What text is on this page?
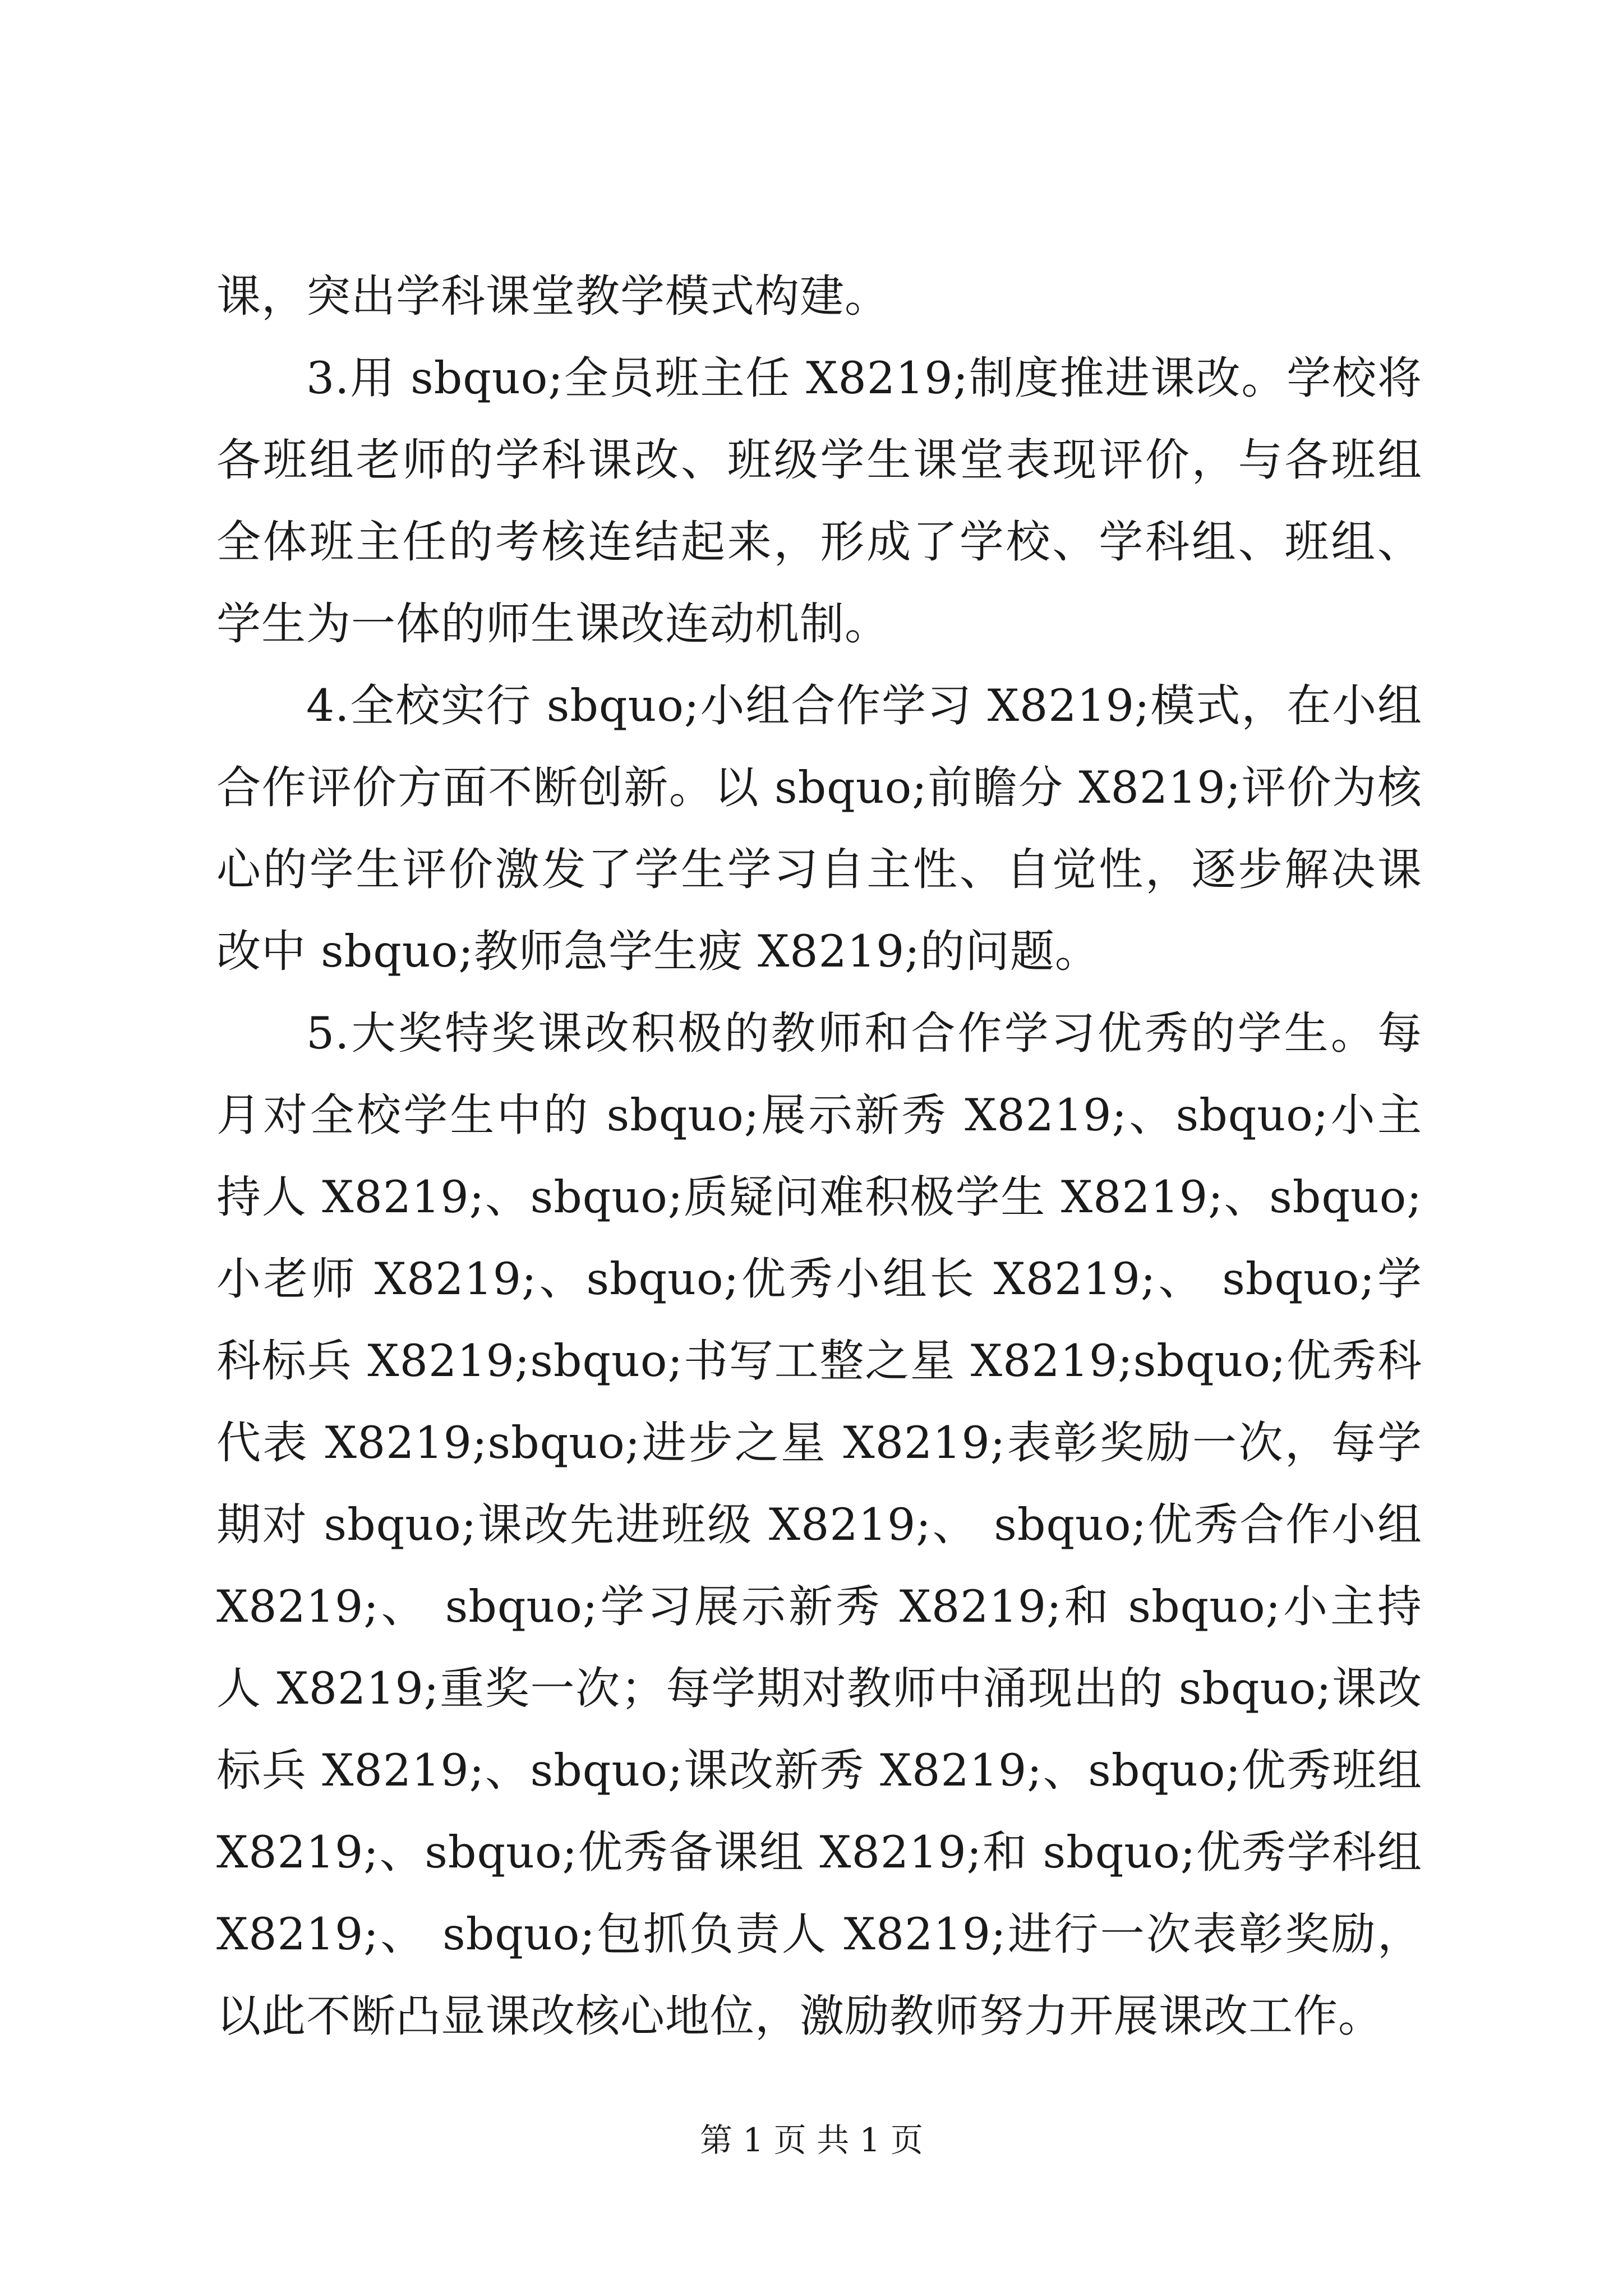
课，突出学科课堂教学模式构建。

3.用 sbquo;全员班主任 X8219;制度推进课改。学校将各班组老师的学科课改、班级学生课堂表现评价，与各班组全体班主任的考核连结起来，形成了学校、学科组、班组、学生为一体的师生课改连动机制。

4.全校实行 sbquo;小组合作学习 X8219;模式，在小组合作评价方面不断创新。以 sbquo;前瞻分 X8219;评价为核心的学生评价激发了学生学习自主性、自觉性，逐步解决课改中 sbquo;教师急学生疲 X8219;的问题。

5.大奖特奖课改积极的教师和合作学习优秀的学生。每月对全校学生中的 sbquo;展示新秀 X8219;、sbquo;小主持人 X8219;、sbquo;质疑问难积极学生 X8219;、sbquo;小老师 X8219;、sbquo;优秀小组长 X8219;、 sbquo;学科标兵 X8219;sbquo;书写工整之星 X8219;sbquo;优秀科代表 X8219;sbquo;进步之星 X8219;表彰奖励一次，每学期对 sbquo;课改先进班级 X8219;、 sbquo;优秀合作小组 X8219;、 sbquo;学习展示新秀 X8219;和 sbquo;小主持人 X8219;重奖一次；每学期对教师中涌现出的 sbquo;课改标兵 X8219;、sbquo;课改新秀 X8219;、sbquo;优秀班组 X8219;、sbquo;优秀备课组 X8219;和 sbquo;优秀学科组 X8219;、 sbquo;包抓负责人 X8219;进行一次表彰奖励，以此不断凸显课改核心地位，激励教师努力开展课改工作。

第 1 页 共 1 页
